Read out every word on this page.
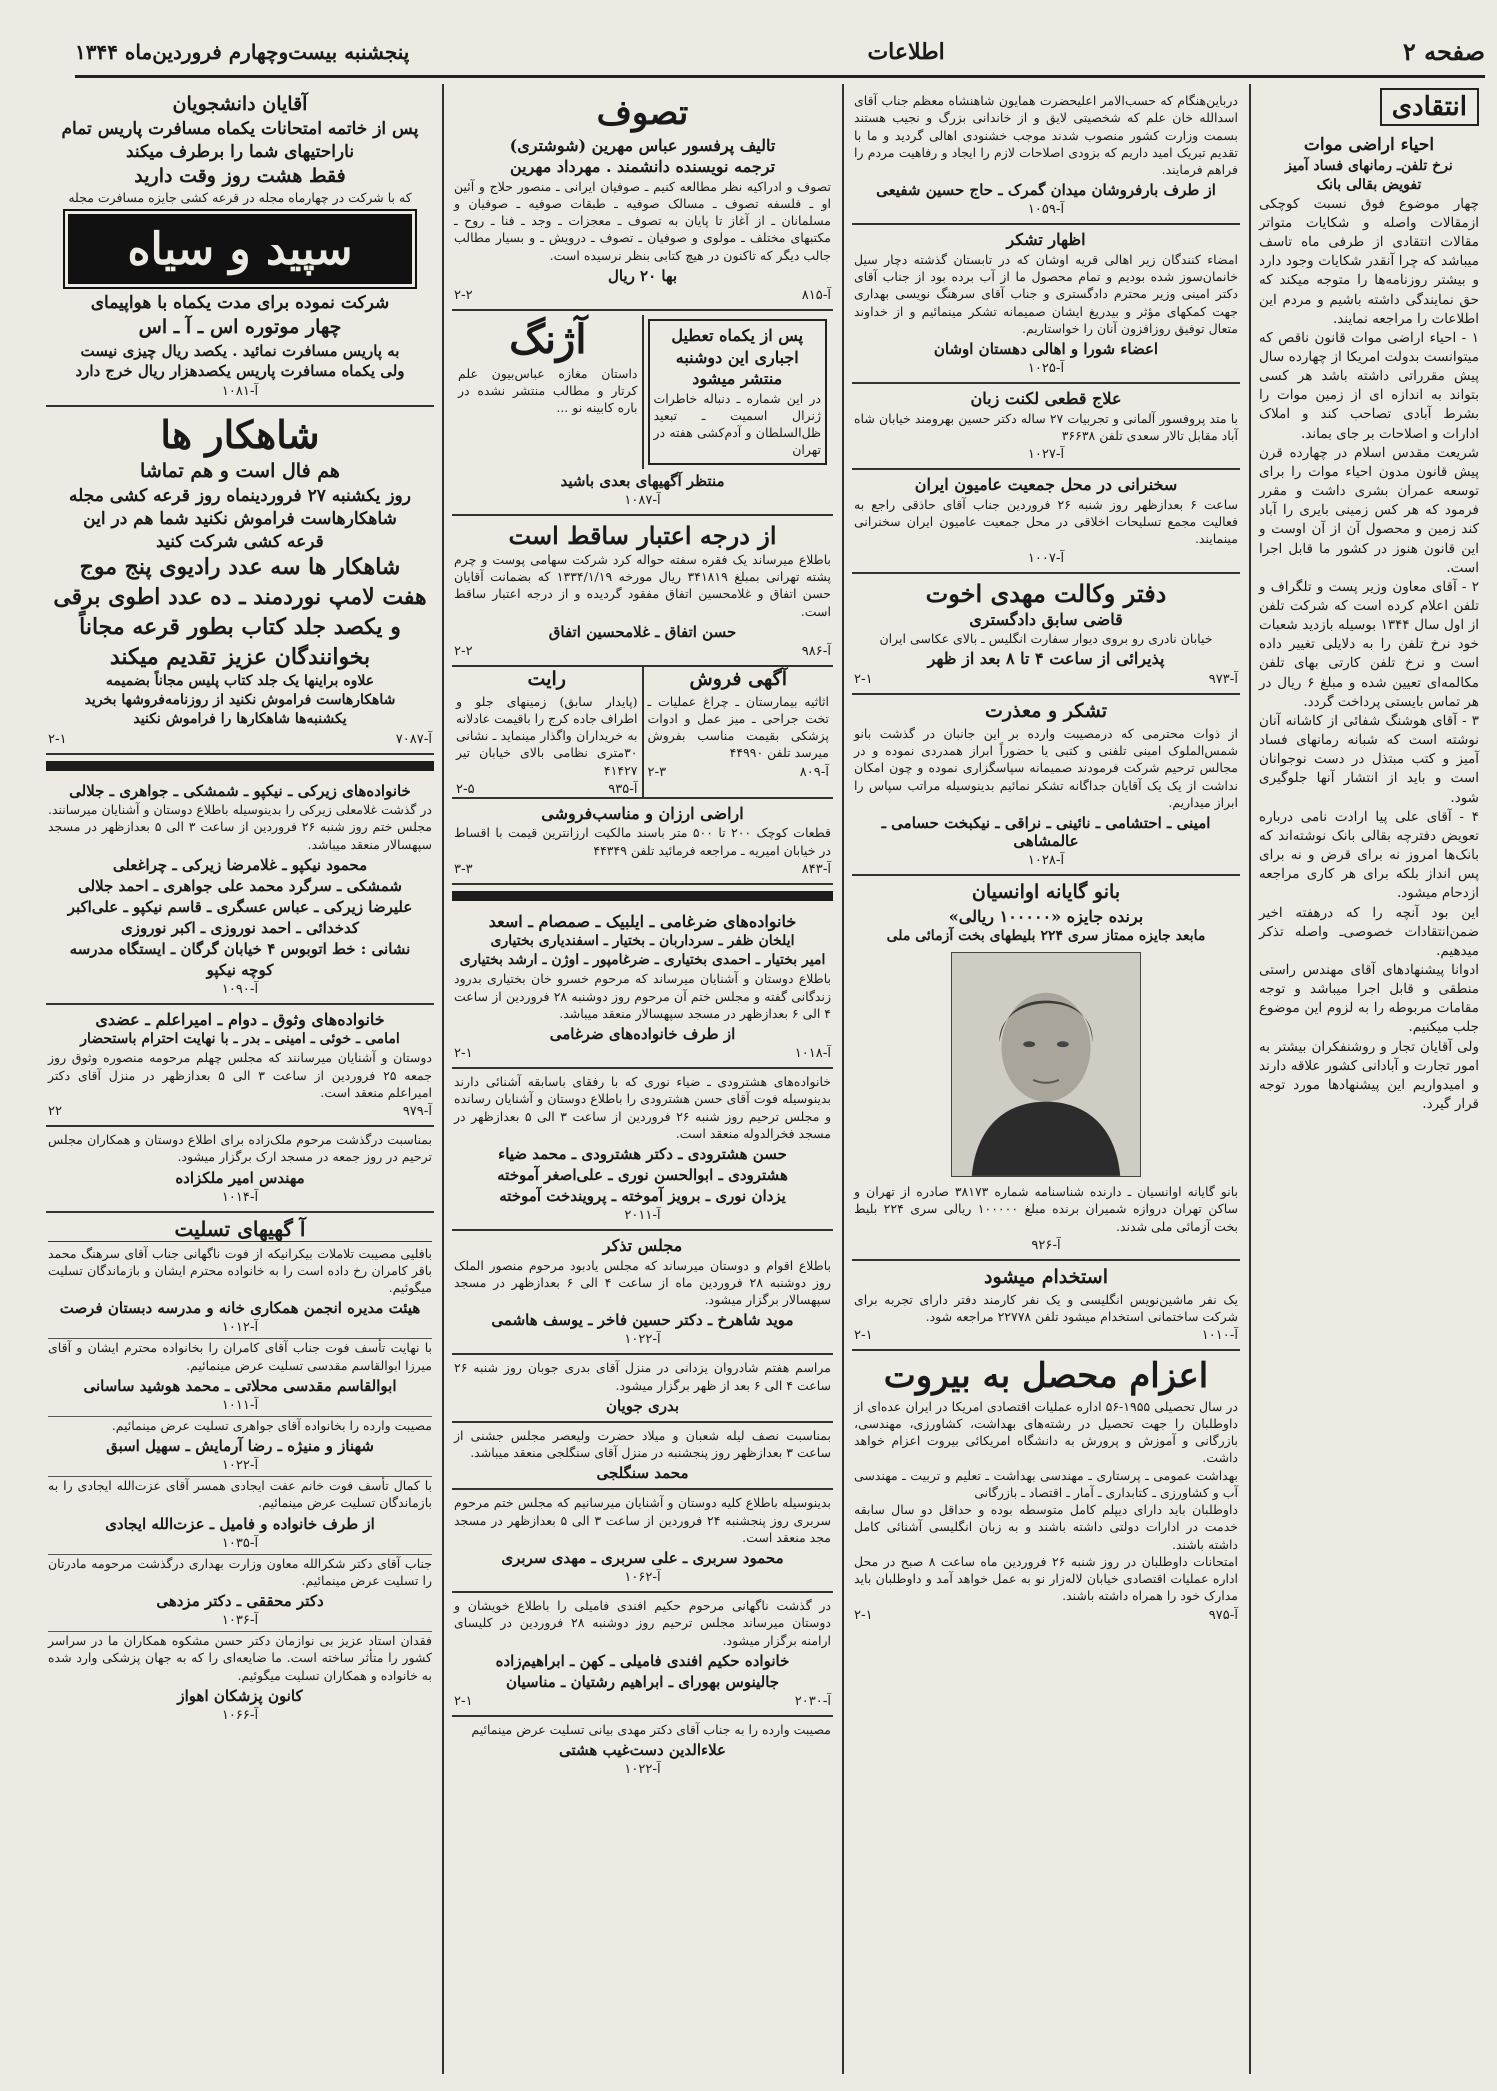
صفحه ۲
اطلاعات
پنجشنبه بیست‌وچهارم فروردین‌ماه ۱۳۴۴
انتقادی
احیاء اراضی موات
نرخ تلفن‌ـ رمانهای فساد آمیز
تفویض بقالی بانک

چهار موضوع فوق نسبت کوچکی ازمقالات واصله و شکایات متواتر مقالات انتقادی از طرفی ماه تاسف میباشد که چرا آنقدر شکایات وجود دارد و بیشتر روزنامه‌ها را متوجه میکند که حق نمایندگی داشته باشیم و مردم این اطلاعات را مراجعه نمایند.

۱ - احیاء اراضی موات قانون ناقص که میتوانست بدولت امریکا از چهارده سال پیش مقرراتی داشته باشد هر کسی بتواند به اندازه ای از زمین موات را بشرط آبادی تصاحب کند و املاک ادارات و اصلاحات بر جای بماند.

شریعت مقدس اسلام در چهارده قرن پیش قانون مدون احیاء موات را برای توسعه عمران بشری داشت و مقرر فرمود که هر کس زمینی بایری را آباد کند زمین و محصول آن از آن اوست و این قانون هنوز در کشور ما قابل اجرا است.

۲ - آقای معاون وزیر پست و تلگراف و تلفن اعلام کرده است که شرکت تلفن از اول سال ۱۳۴۴ بوسیله بازدید شعبات خود نرخ تلفن را به دلایلی تغییر داده است و نرخ تلفن کارتی بهای تلفن مکالمه‌ای تعیین شده و مبلغ ۶ ریال در هر تماس بایستی پرداخت گردد.

۳ - آقای هوشنگ شفائی از کاشانه آنان نوشته است که شبانه رمانهای فساد آمیز و کتب مبتذل در دست نوجوانان است و باید از انتشار آنها جلوگیری شود.

۴ - آقای علی پیا ارادت نامی درباره تعویض دفترچه بقالی بانک نوشته‌اند که بانک‌ها امروز نه برای قرض و نه برای پس انداز بلکه برای هر کاری مراجعه ازدحام میشود.

این بود آنچه را که درهفته اخیر ضمن‌انتقادات خصوصی‌ـ واصله تذکر میدهیم.

ادوانا پیشنهادهای آقای مهندس راستی منطقی و قابل اجرا میباشد و توجه مقامات مربوطه را به لزوم این موضوع جلب میکنیم.

ولی آقایان تجار و روشنفکران بیشتر به امور تجارت و آبادانی کشور علاقه دارند و امیدواریم این پیشنهادها مورد توجه قرار گیرد.

درباین‌هنگام که حسب‌الامر اعلیحضرت همایون شاهنشاه معظم جناب آقای اسدالله خان علم که شخصیتی لایق و از خاندانی بزرگ و نجیب هستند بسمت وزارت کشور منصوب شدند موجب خشنودی اهالی گردید و ما با تقدیم تبریک امید داریم که بزودی اصلاحات لازم را ایجاد و رفاهیت مردم را فراهم فرمایند.

از طرف بارفروشان میدان گمرک ـ حاج حسین شفیعی
آ-۱۰۵۹
اظهار تشکر

امضاء کنندگان زیر اهالی قریه اوشان که در تابستان گذشته دچار سیل خانمان‌سوز شده بودیم و تمام محصول ما از آب برده بود از جناب آقای دکتر امینی وزیر محترم دادگستری و جناب آقای سرهنگ نویسی بهداری جهت کمکهای مؤثر و بیدریغ ایشان صمیمانه تشکر مینمائیم و از خداوند متعال توفیق روزافزون آنان را خواستاریم.

اعضاء شورا و اهالی دهستان اوشان
آ-۱۰۲۵
علاج قطعی لکنت زبان

با متد پروفسور آلمانی و تجربیات ۲۷ ساله دکتر حسین بهرومند خیابان شاه آباد مقابل تالار سعدی تلفن ۳۶۶۳۸

آ-۱۰۲۷
سخنرانی در محل جمعیت عامیون ایران

ساعت ۶ بعدازظهر روز شنبه ۲۶ فروردین جناب آقای حاذقی راجع به فعالیت مجمع تسلیحات اخلاقی در محل جمعیت عامیون ایران سخنرانی مینمایند.

آ-۱۰۰۷
دفتر وکالت مهدی اخوت
قاضی سابق دادگستری
خیابان نادری رو بروی دیوار سفارت انگلیس ـ بالای عکاسی ایران
پذیرائی از ساعت ۴ تا ۸ بعد از ظهر
آ-۹۷۳
۲-۱
تشکر و معذرت

از ذوات محترمی که درمصیبت وارده بر این جانبان در گذشت بانو شمس‌الملوک امینی تلفنی و کتبی یا حضوراً ابراز همدردی نموده و در مجالس ترحیم شرکت فرمودند صمیمانه سپاسگزاری نموده و چون امکان نداشت از یک یک آقایان جداگانه تشکر نمائیم بدینوسیله مراتب سپاس را ابراز میداریم.

امینی ـ احتشامی ـ نائینی ـ نراقی ـ نیکبخت حسامی ـ عالمشاهی
آ-۱۰۲۸
بانو گایانه اوانسیان
برنده جایزه «۱۰۰۰۰۰ ریالی»
مابعد جایزه ممتاز سری ۲۲۴ بلیطهای بخت آزمائی ملی

بانو گایانه اوانسیان ـ دارنده شناسنامه شماره ۳۸۱۷۳ صادره از تهران و ساکن تهران دروازه شمیران برنده مبلغ ۱۰۰۰۰۰ ریالی سری ۲۲۴ بلیط بخت آزمائی ملی شدند.

آ-۹۲۶
استخدام میشود

یک نفر ماشین‌نویس انگلیسی و یک نفر کارمند دفتر دارای تجربه برای شرکت ساختمانی استخدام میشود تلفن ۲۲۷۷۸ مراجعه شود.

آ-۱۰۱۰
۲-۱
اعزام محصل به بیروت

در سال تحصیلی ۱۹۵۵-۵۶ اداره عملیات اقتصادی امریکا در ایران عده‌ای از داوطلبان را جهت تحصیل در رشته‌های بهداشت، کشاورزی، مهندسی، بازرگانی و آموزش و پرورش به دانشگاه امریکائی بیروت اعزام خواهد داشت.

بهداشت عمومی ـ پرستاری ـ مهندسی بهداشت ـ تعلیم و تربیت ـ مهندسی آب و کشاورزی ـ کتابداری ـ آمار ـ اقتصاد ـ بازرگانی

داوطلبان باید دارای دیپلم کامل متوسطه بوده و حداقل دو سال سابقه خدمت در ادارات دولتی داشته باشند و به زبان انگلیسی آشنائی کامل داشته باشند.

امتحانات داوطلبان در روز شنبه ۲۶ فروردین ماه ساعت ۸ صبح در محل اداره عملیات اقتصادی خیابان لاله‌زار نو به عمل خواهد آمد و داوطلبان باید مدارک خود را همراه داشته باشند.

آ-۹۷۵
۲-۱
تصوف
تالیف پرفسور عباس مهرین (شوشتری)
ترجمه نویسنده دانشمند . مهرداد مهرین

تصوف و ادراکیه نظر مطالعه کنیم ـ صوفیان ایرانی ـ منصور حلاج و آئین او ـ فلسفه تصوف ـ مسالک صوفیه ـ طبقات صوفیه ـ صوفیان و مسلمانان ـ از آغاز تا پایان به تصوف ـ معجزات ـ وجد ـ فنا ـ روح ـ مکتبهای مختلف ـ مولوی و صوفیان ـ تصوف ـ درویش ـ و بسیار مطالب جالب دیگر که تاکنون در هیچ کتابی بنظر نرسیده است.

بها ۲۰ ریال
آ-۸۱۵
۲-۲
پس از یکماه تعطیل اجباری این دوشنبه منتشر میشود

در این شماره ـ دنباله خاطرات ژنرال اسمیت ـ تبعید ظل‌السلطان و آدم‌کشی هفته در تهران

آژنگ

داستان مغازه عباس‌بیون علم کرتار و مطالب منتشر نشده در باره کابینه نو ...

منتظر آگهیهای بعدی باشید
آ-۱۰۸۷
از درجه اعتبار ساقط است

باطلاع میرساند یک فقره سفته حواله کرد شرکت سهامی پوست و چرم پشته تهرانی بمبلغ ۳۴۱۸۱۹ ریال مورخه ۱۳۳۴/۱/۱۹ که بضمانت آقایان حسن اتفاق و غلامحسین اتفاق مفقود گردیده و از درجه اعتبار ساقط است.

حسن اتفاق ـ غلامحسین اتفاق
آ-۹۸۶
۲-۲
آگهی فروش

اثاثیه بیمارستان ـ چراغ عملیات ـ تخت جراحی ـ میز عمل و ادوات پزشکی بقیمت مناسب بفروش میرسد تلفن ۴۴۹۹۰

آ-۸۰۹
۲-۳
رایت

(پایدار سابق) زمینهای جلو و اطراف جاده کرج را باقیمت عادلانه به خریداران واگذار مینماید ـ نشانی ۳۰متری نظامی بالای خیابان تیر ۴۱۴۲۷

آ-۹۳۵
۲-۵
اراضی ارزان و مناسب‌فروشی

قطعات کوچک ۲۰۰ تا ۵۰۰ متر باسند مالکیت ارزانترین قیمت با اقساط در خیابان امیریه ـ مراجعه فرمائید تلفن ۴۴۳۴۹

آ-۸۴۳
۳-۳
خانواده‌های ضرغامی ـ ایلبیک ـ صمصام ـ اسعد
ایلخان ظفر ـ سرداربان ـ بختیار ـ اسفندیاری بختیاری
امیر بختیار ـ احمدی بختیاری ـ ضرغامپور ـ اوژن ـ ارشد بختیاری

باطلاع دوستان و آشنایان میرساند که مرحوم خسرو خان بختیاری بدرود زندگانی گفته و مجلس ختم آن مرحوم روز دوشنبه ۲۸ فروردین از ساعت ۴ الی ۶ بعدازظهر در مسجد سپهسالار منعقد میباشد.

از طرف خانواده‌های ضرغامی
آ-۱۰۱۸
۲-۱

خانواده‌های هشترودی ـ ضیاء نوری که با رفقای باسابقه آشنائی دارند بدینوسیله فوت آقای حسن هشترودی را باطلاع دوستان و آشنایان رسانده و مجلس ترحیم روز شنبه ۲۶ فروردین از ساعت ۳ الی ۵ بعدازظهر در مسجد فخرالدوله منعقد است.

حسن هشترودی ـ دکتر هشترودی ـ محمد ضیاء
هشترودی ـ ابوالحسن نوری ـ علی‌اصغر آموخته
یزدان نوری ـ برویز آموخته ـ پرویندخت آموخته
آ-۲۰۱۱
مجلس تذکر

باطلاع اقوام و دوستان میرساند که مجلس یادبود مرحوم منصور الملک روز دوشنبه ۲۸ فروردین ماه از ساعت ۴ الی ۶ بعدازظهر در مسجد سپهسالار برگزار میشود.

موید شاهرخ ـ دکتر حسین فاخر ـ یوسف هاشمی
آ-۱۰۲۲

مراسم هفتم شادروان یزدانی در منزل آقای بدری جوبان روز شنبه ۲۶ ساعت ۴ الی ۶ بعد از ظهر برگزار میشود.

بدری جویان

بمناسبت نصف لیله شعبان و میلاد حضرت ولیعصر مجلس جشنی از ساعت ۳ بعدازظهر روز پنجشنبه در منزل آقای سنگلجی منعقد میباشد.

محمد سنگلجی

بدینوسیله باطلاع کلیه دوستان و آشنایان میرسانیم که مجلس ختم مرحوم سربری روز پنجشنبه ۲۴ فروردین از ساعت ۳ الی ۵ بعدازظهر در مسجد مجد منعقد است.

محمود سربری ـ علی سربری ـ مهدی سربری
آ-۱۰۶۲

در گذشت ناگهانی مرحوم حکیم افندی فامیلی را باطلاع خویشان و دوستان میرساند مجلس ترحیم روز دوشنبه ۲۸ فروردین در کلیسای ارامنه برگزار میشود.

خانواده حکیم افندی فامیلی ـ کهن ـ ابراهیم‌زاده
جالینوس بهورای ـ ابراهیم رشتیان ـ مناسیان
آ-۲۰۳۰
۲-۱

مصیبت وارده را به جناب آقای دکتر مهدی بیانی تسلیت عرض مینمائیم

علاءالدین دست‌غیب هشتی
آ-۱۰۲۲
آقایان دانشجویان
پس از خاتمه امتحانات یکماه مسافرت پاریس تمام
ناراحتیهای شما را برطرف میکند
فقط هشت روز وقت دارید
که با شرکت در چهارماه مجله در قرعه کشی جایزه مسافرت مجله
سپید و سیاه
شرکت نموده برای مدت یکماه با هواپیمای
چهار موتوره اس ـ آ ـ اس
به پاریس مسافرت نمائید . یکصد ریال چیزی نیست
ولی یکماه مسافرت پاریس یکصدهزار ریال خرج دارد
آ-۱۰۸۱
شاهکار ها
هم فال است و هم تماشا
روز یکشنبه ۲۷ فروردینماه روز قرعه کشی مجله
شاهکارهاست فراموش نکنید شما هم در این
قرعه کشی شرکت کنید
شاهکار ها سه عدد رادیوی پنج موج
هفت لامپ نوردمند ـ ده عدد اطوی برقی
و یکصد جلد کتاب بطور قرعه مجاناً
بخوانندگان عزیز تقدیم میکند
علاوه براینها یک جلد کتاب پلیس مجاناً بضمیمه
شاهکارهاست فراموش نکنید از روزنامه‌فروشها بخرید
یکشنبه‌ها شاهکارها را فراموش نکنید
آ-۷۰۸۷
۲-۱
خانواده‌های زیرکی ـ نیکپو ـ شمشکی ـ جواهری ـ جلالی

در گذشت غلامعلی زیرکی را بدینوسیله باطلاع دوستان و آشنایان میرسانند. مجلس ختم روز شنبه ۲۶ فروردین از ساعت ۳ الی ۵ بعدازظهر در مسجد سپهسالار منعقد میباشد.

محمود نیکپو ـ غلامرضا زیرکی ـ چراغعلی
شمشکی ـ سرگرد محمد علی جواهری ـ احمد جلالی
علیرضا زیرکی ـ عباس عسگری ـ قاسم نیکپو ـ علی‌اکبر
کدخدائی ـ احمد نوروزی ـ اکبر نوروزی
نشانی : خط اتوبوس ۴ خیابان گرگان ـ ایستگاه مدرسه
کوچه نیکپو
آ-۱۰۹۰
خانواده‌های وثوق ـ دوام ـ امیراعلم ـ عضدی
امامی ـ خوئی ـ امینی ـ بدر ـ با نهایت احترام باستحضار

دوستان و آشنایان میرسانند که مجلس چهلم مرحومه منصوره وثوق روز جمعه ۲۵ فروردین از ساعت ۳ الی ۵ بعدازظهر در منزل آقای دکتر امیراعلم منعقد است.

آ-۹۷۹
۲۲

بمناسبت درگذشت مرحوم ملک‌زاده برای اطلاع دوستان و همکاران مجلس ترحیم در روز جمعه در مسجد ارک برگزار میشود.

مهندس امیر ملکزاده
آ-۱۰۱۴
آ گهیهای تسلیت

بافلیی مصیبت تلاملات بیکرانیکه از فوت ناگهانی جناب آقای سرهنگ محمد باقر کامران رخ داده است را به خانواده محترم ایشان و بازماندگان تسلیت میگوئیم.

هیئت مدیره انجمن همکاری خانه و مدرسه دبستان فرصت
آ-۱۰۱۲

با نهایت تأسف فوت جناب آقای کامران را بخانواده محترم ایشان و آقای میرزا ابوالقاسم مقدسی تسلیت عرض مینمائیم.

ابوالقاسم مقدسی محلاتی ـ محمد هوشید ساسانی
آ-۱۰۱۱

مصیبت وارده را بخانواده آقای جواهری تسلیت عرض مینمائیم.

شهناز و منیژه ـ رضا آرمایش ـ سهیل اسبق
آ-۱۰۲۲

با کمال تأسف فوت خانم عفت ایجادی همسر آقای عزت‌الله ایجادی را به بازماندگان تسلیت عرض مینمائیم.

از طرف خانواده و فامیل ـ عزت‌الله ایجادی
آ-۱۰۳۵

جناب آقای دکتر شکرالله معاون وزارت بهداری درگذشت مرحومه مادرتان را تسلیت عرض مینمائیم.

دکتر محققی ـ دکتر مزدهی
آ-۱۰۳۶

فقدان استاد عزیز بی نوازمان دکتر حسن مشکوه همکاران ما در سراسر کشور را متأثر ساخته است. ما ضایعه‌ای را که به جهان پزشکی وارد شده به خانواده و همکاران تسلیت میگوئیم.

کانون پزشکان اهواز
آ-۱۰۶۶
